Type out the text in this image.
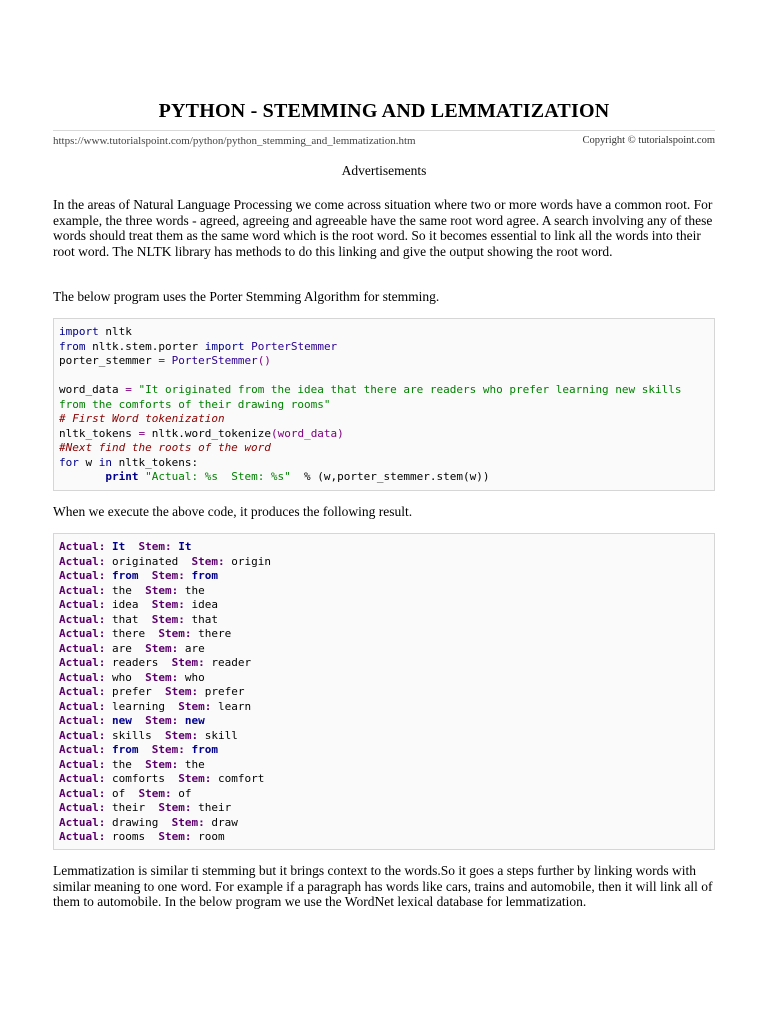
PYTHON - STEMMING AND LEMMATIZATION
https://www.tutorialspoint.com/python/python_stemming_and_lemmatization.htm	Copyright © tutorialspoint.com
Advertisements

In the areas of Natural Language Processing we come across situation where two or more words have a common root. For example, the three words - agreed, agreeing and agreeable have the same root word agree. A search involving any of these words should treat them as the same word which is the root word. So it becomes essential to link all the words into their root word. The NLTK library has methods to do this linking and give the output showing the root word.

The below program uses the Porter Stemming Algorithm for stemming.

import nltk
from nltk.stem.porter import PorterStemmer
porter_stemmer = PorterStemmer()

word_data = "It originated from the idea that there are readers who prefer learning new skills
from the comforts of their drawing rooms"
# First Word tokenization
nltk_tokens = nltk.word_tokenize(word_data)
#Next find the roots of the word
for w in nltk_tokens:
print "Actual: %s  Stem: %s"  % (w,porter_stemmer.stem(w))

When we execute the above code, it produces the following result.

Actual: It  Stem: It
Actual: originated  Stem: origin
Actual: from  Stem: from
Actual: the  Stem: the
Actual: idea  Stem: idea
Actual: that  Stem: that
Actual: there  Stem: there
Actual: are  Stem: are
Actual: readers  Stem: reader
Actual: who  Stem: who
Actual: prefer  Stem: prefer
Actual: learning  Stem: learn
Actual: new  Stem: new
Actual: skills  Stem: skill
Actual: from  Stem: from
Actual: the  Stem: the
Actual: comforts  Stem: comfort
Actual: of  Stem: of
Actual: their  Stem: their
Actual: drawing  Stem: draw
Actual: rooms  Stem: room

Lemmatization is similar ti stemming but it brings context to the words.So it goes a steps further by linking words with similar meaning to one word. For example if a paragraph has words like cars, trains and automobile, then it will link all of them to automobile. In the below program we use the WordNet lexical database for lemmatization.
